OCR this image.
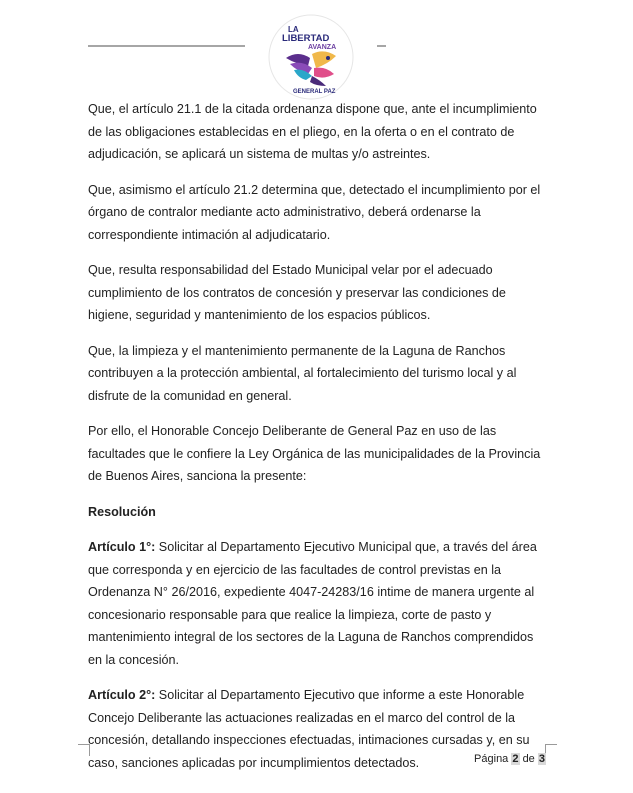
LA
LIBERTAD
AVANZA
GENERAL PAZ

Que, el artículo 21.1 de la citada ordenanza dispone que, ante el incumplimiento de las obligaciones establecidas en el pliego, en la oferta o en el contrato de adjudicación, se aplicará un sistema de multas y/o astreintes.

Que, asimismo el artículo 21.2 determina que, detectado el incumplimiento por el órgano de contralor mediante acto administrativo, deberá ordenarse la correspondiente intimación al adjudicatario.

Que, resulta responsabilidad del Estado Municipal velar por el adecuado cumplimiento de los contratos de concesión y preservar las condiciones de higiene, seguridad y mantenimiento de los espacios públicos.

Que, la limpieza y el mantenimiento permanente de la Laguna de Ranchos contribuyen a la protección ambiental, al fortalecimiento del turismo local y al disfrute de la comunidad en general.

Por ello, el Honorable Concejo Deliberante de General Paz en uso de las facultades que le confiere la Ley Orgánica de las municipalidades de la Provincia de Buenos Aires, sanciona la presente:

Resolución

Artículo 1°: Solicitar al Departamento Ejecutivo Municipal que, a través del área que corresponda y en ejercicio de las facultades de control previstas en la Ordenanza N° 26/2016, expediente 4047-24283/16 intime de manera urgente al concesionario responsable para que realice la limpieza, corte de pasto y mantenimiento integral de los sectores de la Laguna de Ranchos comprendidos en la concesión.

Artículo 2°: Solicitar al Departamento Ejecutivo que informe a este Honorable Concejo Deliberante las actuaciones realizadas en el marco del control de la concesión, detallando inspecciones efectuadas, intimaciones cursadas y, en su caso, sanciones aplicadas por incumplimientos detectados.	Página 2 de 3
